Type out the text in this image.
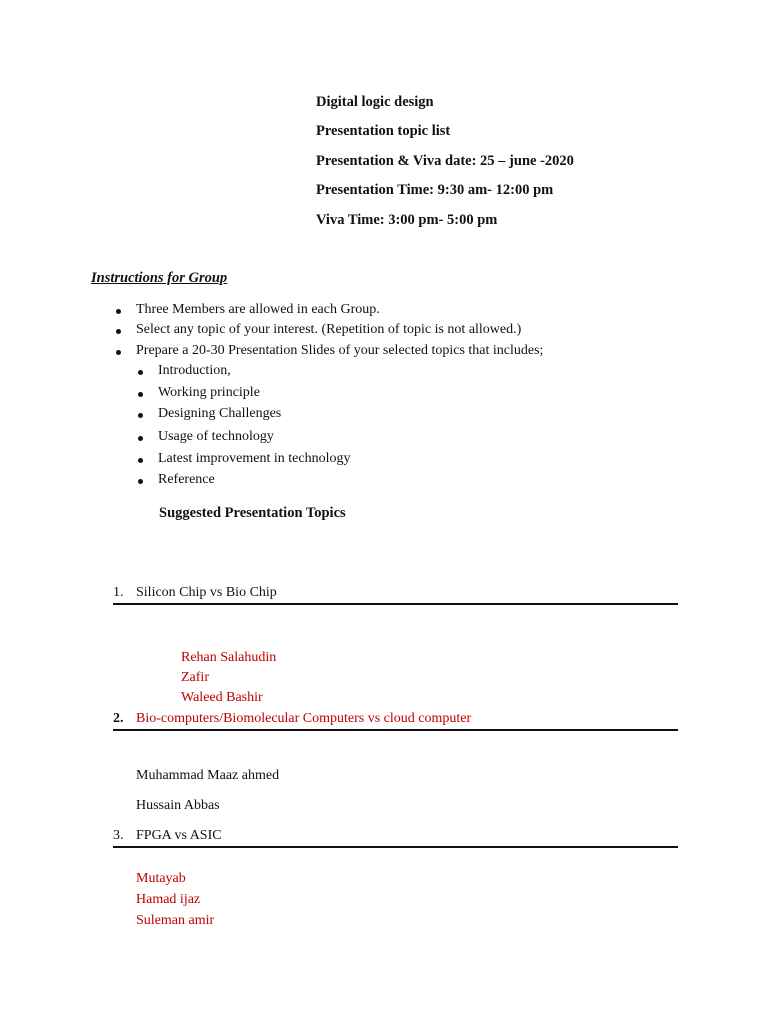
Digital logic design
Presentation topic list
Presentation & Viva date: 25 – june -2020
Presentation Time: 9:30 am- 12:00 pm
Viva Time: 3:00 pm- 5:00 pm
Instructions for Group
Three Members are allowed in each Group.
Select any topic of your interest. (Repetition of topic is not allowed.)
Prepare a 20-30 Presentation Slides of your selected topics that includes;
Introduction,
Working principle
Designing Challenges
Usage of technology
Latest improvement in technology
Reference
Suggested Presentation Topics
1. Silicon Chip vs Bio Chip
Rehan Salahudin
Zafir
Waleed Bashir
2. Bio-computers/Biomolecular Computers vs cloud computer
Muhammad Maaz ahmed
Hussain Abbas
3. FPGA vs ASIC
Mutayab
Hamad ijaz
Suleman amir
